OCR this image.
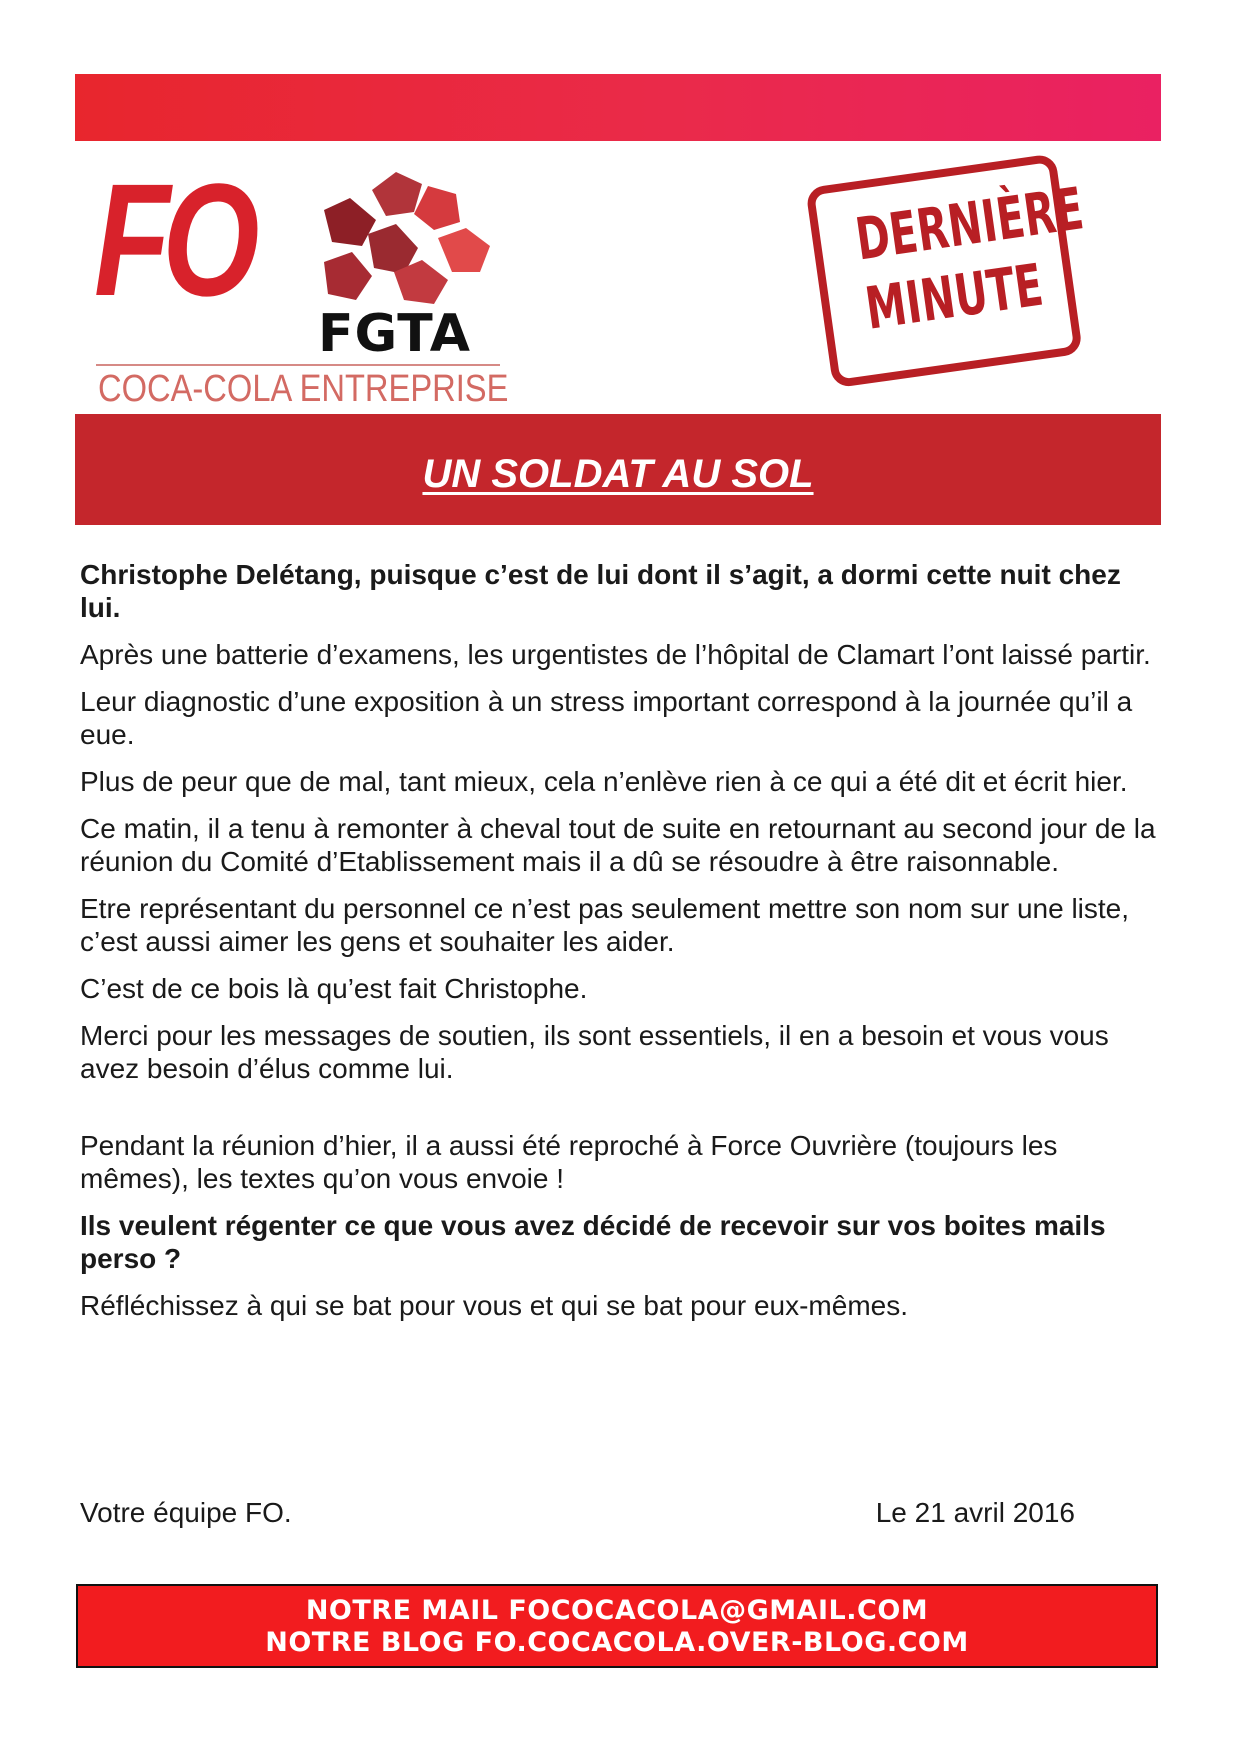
FO
FGTA
COCA-COLA ENTREPRISE
DERNIÈRE
MINUTE
UN SOLDAT AU SOL

Christophe Delétang, puisque c’est de lui dont il s’agit, a dormi cette nuit chez lui.

Après une batterie d’examens, les urgentistes de l’hôpital de Clamart l’ont laissé partir.

Leur diagnostic d’une exposition à un stress important correspond à la journée qu’il a eue.

Plus de peur que de mal, tant mieux, cela n’enlève rien à ce qui a été dit et écrit hier.

Ce matin, il a tenu à remonter à cheval tout de suite en retournant au second jour de la réunion du Comité d’Etablissement mais il a dû se résoudre à être raisonnable.

Etre représentant du personnel ce n’est pas seulement mettre son nom sur une liste, c’est aussi aimer les gens et souhaiter les aider.

C’est de ce bois là qu’est fait Christophe.

Merci pour les messages de soutien, ils sont essentiels, il en a besoin et vous vous avez besoin d’élus comme lui.

Pendant la réunion d’hier, il a aussi été reproché à Force Ouvrière (toujours les mêmes), les textes qu’on vous envoie !

Ils veulent régenter ce que vous avez décidé de recevoir sur vos boites mails perso ?

Réfléchissez à qui se bat pour vous et qui se bat pour eux-mêmes.

Votre équipe FO.	Le 21 avril 2016
NOTRE MAIL FOCOCACOLA@GMAIL.COM
NOTRE BLOG FO.COCACOLA.OVER-BLOG.COM
